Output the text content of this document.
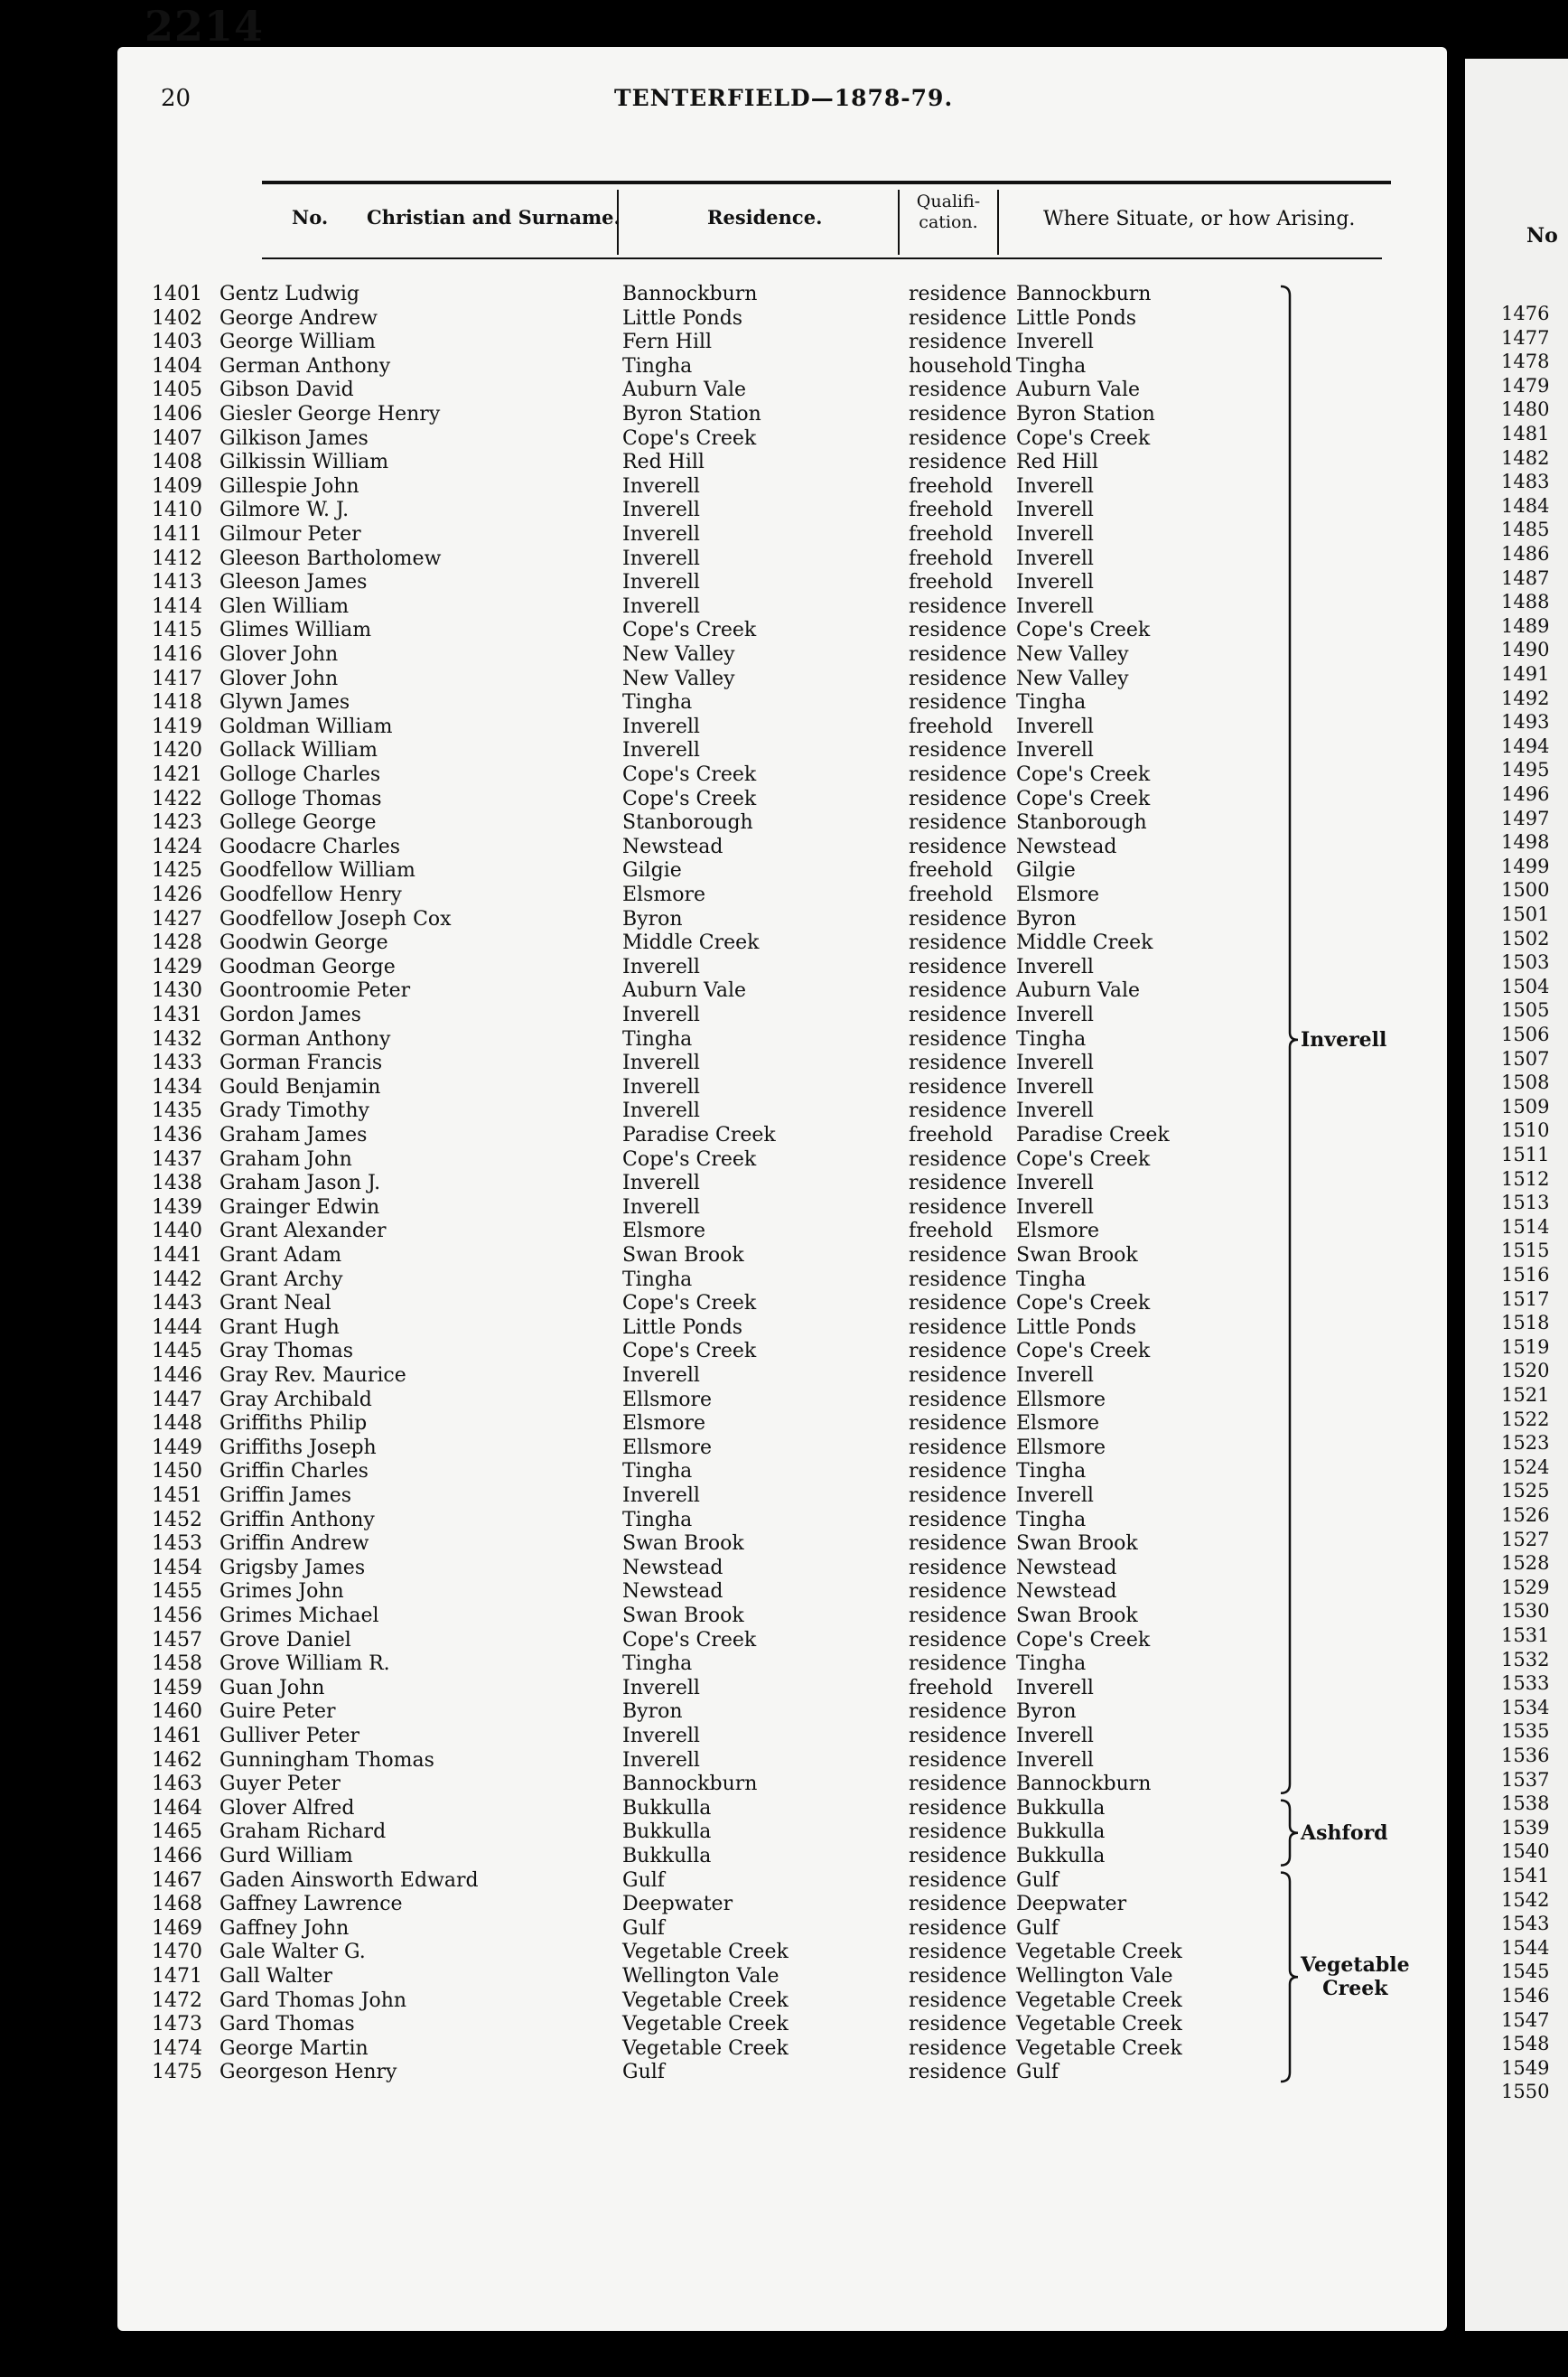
2214
20	TENTERFIELD—1878-79.
No. Christian and Surname.	Residence.
Qualifi-
cation.	Where Situate, or how Arising.
1401 Gentz Ludwig	Bannockburn	residence Bannockburn
1402 George Andrew	Little Ponds	residence Little Ponds
1403 George William	Fern Hill	residence Inverell
1404 German Anthony	Tingha	household Tingha
1405 Gibson David	Auburn Vale	residence Auburn Vale
1406 Giesler George Henry	Byron Station	residence Byron Station
1407 Gilkison James	Cope's Creek	residence Cope's Creek
1408 Gilkissin William	Red Hill	residence Red Hill
1409 Gillespie John	Inverell	freehold Inverell
1410 Gilmore W. J.	Inverell	freehold Inverell
1411 Gilmour Peter	Inverell	freehold Inverell
1412 Gleeson Bartholomew	Inverell	freehold Inverell
1413 Gleeson James	Inverell	freehold Inverell
1414 Glen William	Inverell	residence Inverell
1415 Glimes William	Cope's Creek	residence Cope's Creek
1416 Glover John	New Valley	residence New Valley
1417 Glover John	New Valley	residence New Valley
1418 Glywn James	Tingha	residence Tingha
1419 Goldman William	Inverell	freehold Inverell
1420 Gollack William	Inverell	residence Inverell
1421 Golloge Charles	Cope's Creek	residence Cope's Creek
1422 Golloge Thomas	Cope's Creek	residence Cope's Creek
1423 Gollege George	Stanborough	residence Stanborough
1424 Goodacre Charles	Newstead	residence Newstead
1425 Goodfellow William	Gilgie	freehold Gilgie
1426 Goodfellow Henry	Elsmore	freehold Elsmore
1427 Goodfellow Joseph Cox	Byron	residence Byron
1428 Goodwin George	Middle Creek	residence Middle Creek
1429 Goodman George	Inverell	residence Inverell
1430 Goontroomie Peter	Auburn Vale	residence Auburn Vale
1431 Gordon James	Inverell	residence Inverell
1432 Gorman Anthony	Tingha	residence Tingha
1433 Gorman Francis	Inverell	residence Inverell
1434 Gould Benjamin	Inverell	residence Inverell
1435 Grady Timothy	Inverell	residence Inverell
1436 Graham James	Paradise Creek	freehold Paradise Creek
1437 Graham John	Cope's Creek	residence Cope's Creek
1438 Graham Jason J.	Inverell	residence Inverell
1439 Grainger Edwin	Inverell	residence Inverell
1440 Grant Alexander	Elsmore	freehold Elsmore
1441 Grant Adam	Swan Brook	residence Swan Brook
1442 Grant Archy	Tingha	residence Tingha
1443 Grant Neal	Cope's Creek	residence Cope's Creek
1444 Grant Hugh	Little Ponds	residence Little Ponds
1445 Gray Thomas	Cope's Creek	residence Cope's Creek
1446 Gray Rev. Maurice	Inverell	residence Inverell
1447 Gray Archibald	Ellsmore	residence Ellsmore
1448 Griffiths Philip	Elsmore	residence Elsmore
1449 Griffiths Joseph	Ellsmore	residence Ellsmore
1450 Griffin Charles	Tingha	residence Tingha
1451 Griffin James	Inverell	residence Inverell
1452 Griffin Anthony	Tingha	residence Tingha
1453 Griffin Andrew	Swan Brook	residence Swan Brook
1454 Grigsby James	Newstead	residence Newstead
1455 Grimes John	Newstead	residence Newstead
1456 Grimes Michael	Swan Brook	residence Swan Brook
1457 Grove Daniel	Cope's Creek	residence Cope's Creek
1458 Grove William R.	Tingha	residence Tingha
1459 Guan John	Inverell	freehold Inverell
1460 Guire Peter	Byron	residence Byron
1461 Gulliver Peter	Inverell	residence Inverell
1462 Gunningham Thomas	Inverell	residence Inverell
1463 Guyer Peter	Bannockburn	residence Bannockburn
1464 Glover Alfred	Bukkulla	residence Bukkulla
1465 Graham Richard	Bukkulla	residence Bukkulla
1466 Gurd William	Bukkulla	residence Bukkulla
1467 Gaden Ainsworth Edward	Gulf	residence Gulf
1468 Gaffney Lawrence	Deepwater	residence Deepwater
1469 Gaffney John	Gulf	residence Gulf
1470 Gale Walter G.	Vegetable Creek	residence Vegetable Creek
1471 Gall Walter	Wellington Vale	residence Wellington Vale
1472 Gard Thomas John	Vegetable Creek	residence Vegetable Creek
1473 Gard Thomas	Vegetable Creek	residence Vegetable Creek
1474 George Martin	Vegetable Creek	residence Vegetable Creek
1475 Georgeson Henry	Gulf	residence Gulf
Inverell
Ashford
Vegetable
Creek
No
1476
1477
1478
1479
1480
1481
1482
1483
1484
1485
1486
1487
1488
1489
1490
1491
1492
1493
1494
1495
1496
1497
1498
1499
1500
1501
1502
1503
1504
1505
1506
1507
1508
1509
1510
1511
1512
1513
1514
1515
1516
1517
1518
1519
1520
1521
1522
1523
1524
1525
1526
1527
1528
1529
1530
1531
1532
1533
1534
1535
1536
1537
1538
1539
1540
1541
1542
1543
1544
1545
1546
1547
1548
1549
1550
